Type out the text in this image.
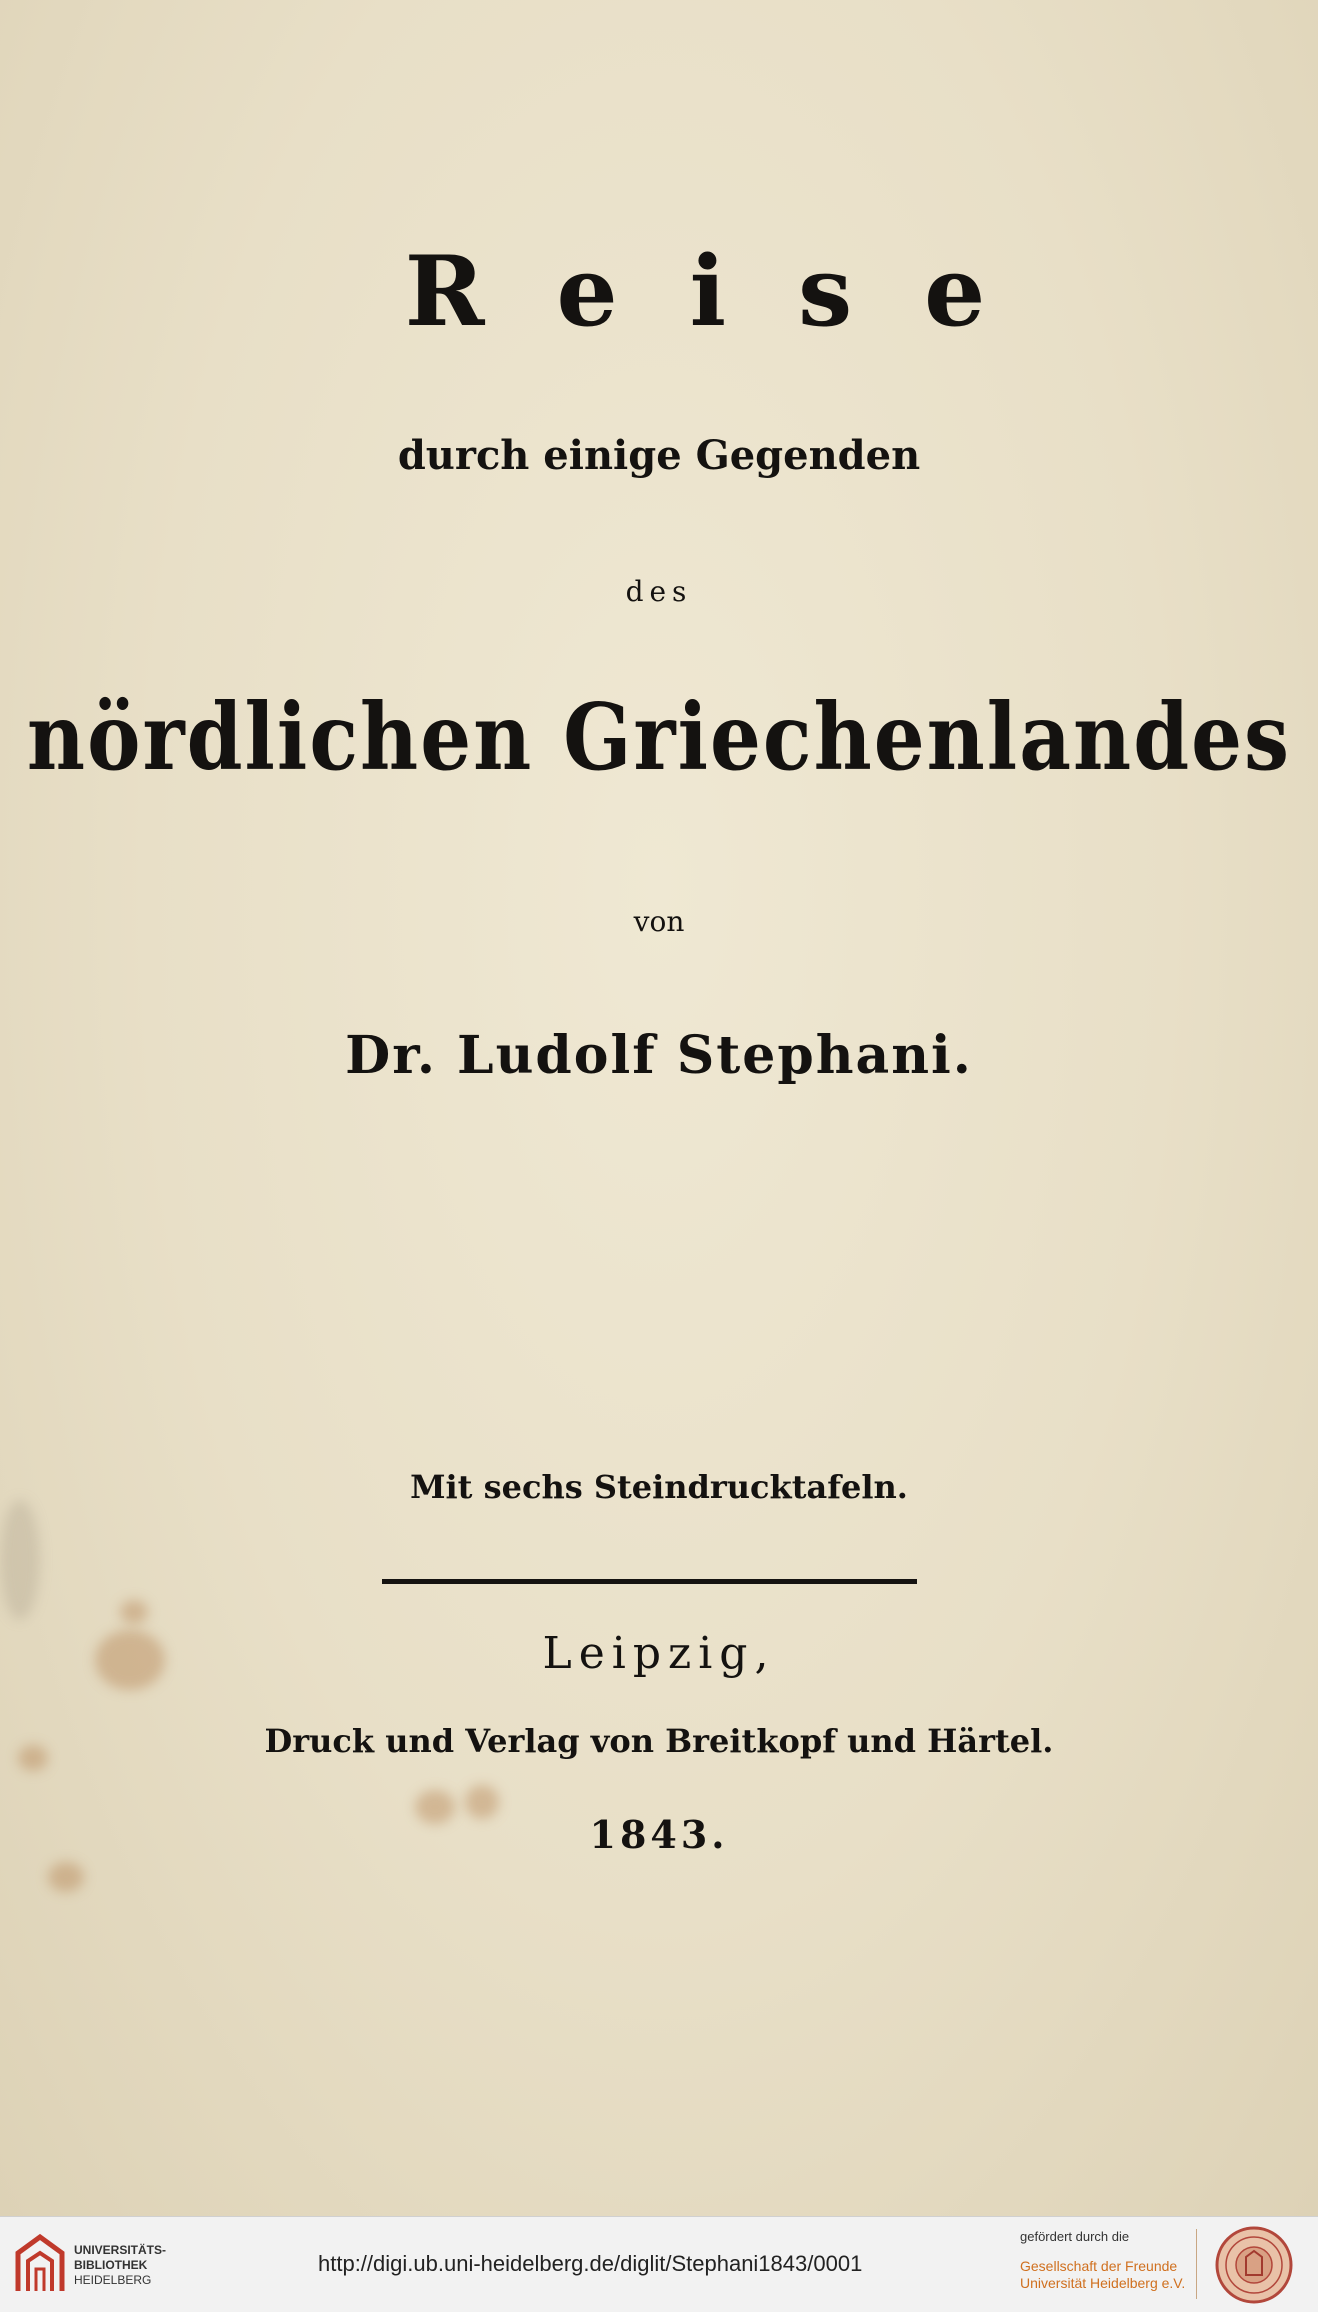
Reise
durch einige Gegenden
des
nördlichen Griechenlandes
von
Dr. Ludolf Stephani.
Mit sechs Steindrucktafeln.
Leipzig,
Druck und Verlag von Breitkopf und Härtel.
1843.
UNIVERSITÄTS-
BIBLIOTHEK
HEIDELBERG
http://digi.ub.uni-heidelberg.de/diglit/Stephani1843/0001
gefördert durch die
Gesellschaft der Freunde
Universität Heidelberg e.V.
